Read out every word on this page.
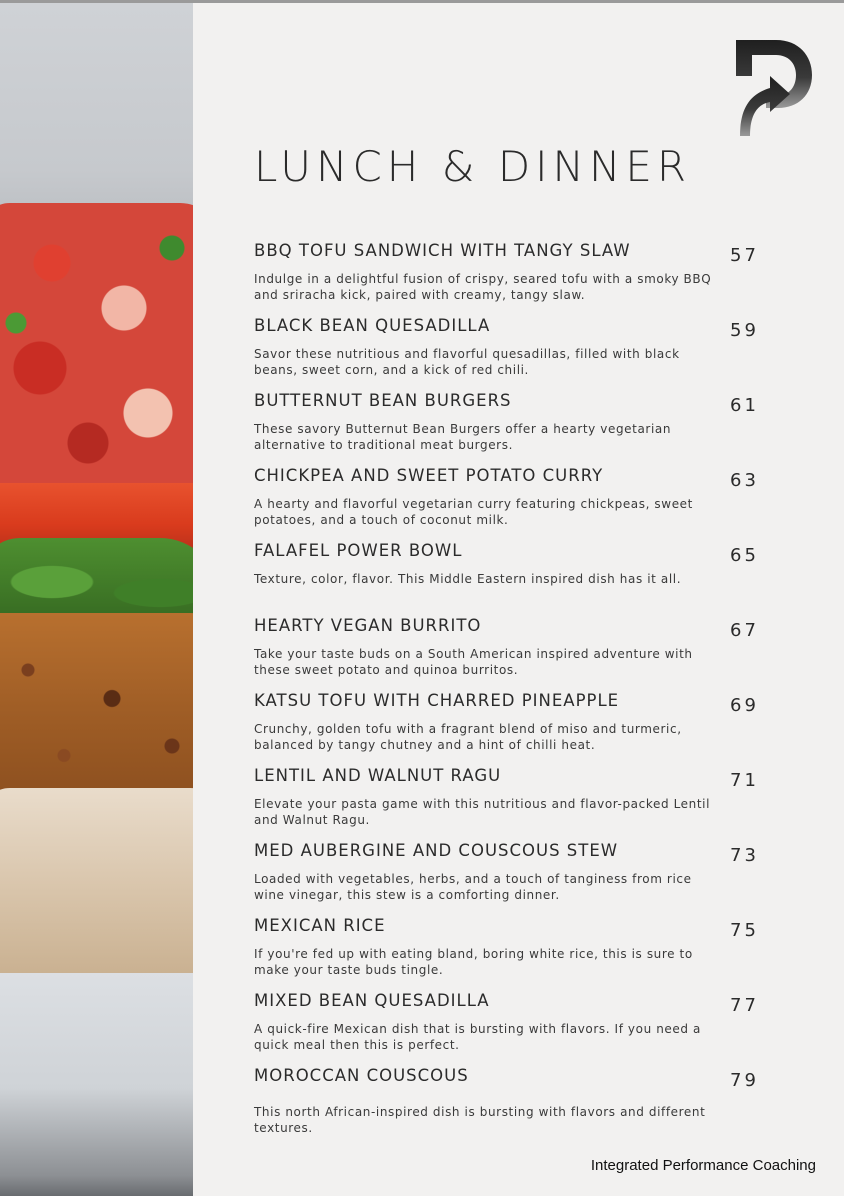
LUNCH & DINNER
BBQ TOFU SANDWICH WITH TANGY SLAW	57
Indulge in a delightful fusion of crispy, seared tofu with a smoky BBQ and sriracha kick, paired with creamy, tangy slaw.
BLACK BEAN QUESADILLA	59
Savor these nutritious and flavorful quesadillas, filled with black beans, sweet corn, and a kick of red chili.
BUTTERNUT BEAN BURGERS	61
These savory Butternut Bean Burgers offer a hearty vegetarian alternative to traditional meat burgers.
CHICKPEA AND SWEET POTATO CURRY	63
A hearty and flavorful vegetarian curry featuring chickpeas, sweet potatoes, and a touch of coconut milk.
FALAFEL POWER BOWL	65
Texture, color, flavor. This Middle Eastern inspired dish has it all.
HEARTY VEGAN BURRITO	67
Take your taste buds on a South American inspired adventure with these sweet potato and quinoa burritos.
KATSU TOFU WITH CHARRED PINEAPPLE	69
Crunchy, golden tofu with a fragrant blend of miso and turmeric, balanced by tangy chutney and a hint of chilli heat.
LENTIL AND WALNUT RAGU	71
Elevate your pasta game with this nutritious and flavor-packed Lentil and Walnut Ragu.
MED AUBERGINE AND COUSCOUS STEW	73
Loaded with vegetables, herbs, and a touch of tanginess from rice wine vinegar, this stew is a comforting dinner.
MEXICAN RICE	75
If you're fed up with eating bland, boring white rice, this is sure to make your taste buds tingle.
MIXED BEAN QUESADILLA	77
A quick-fire Mexican dish that is bursting with flavors. If you need a quick meal then this is perfect.
MOROCCAN COUSCOUS	79
This north African-inspired dish is bursting with flavors and different textures.
Integrated Performance Coaching
